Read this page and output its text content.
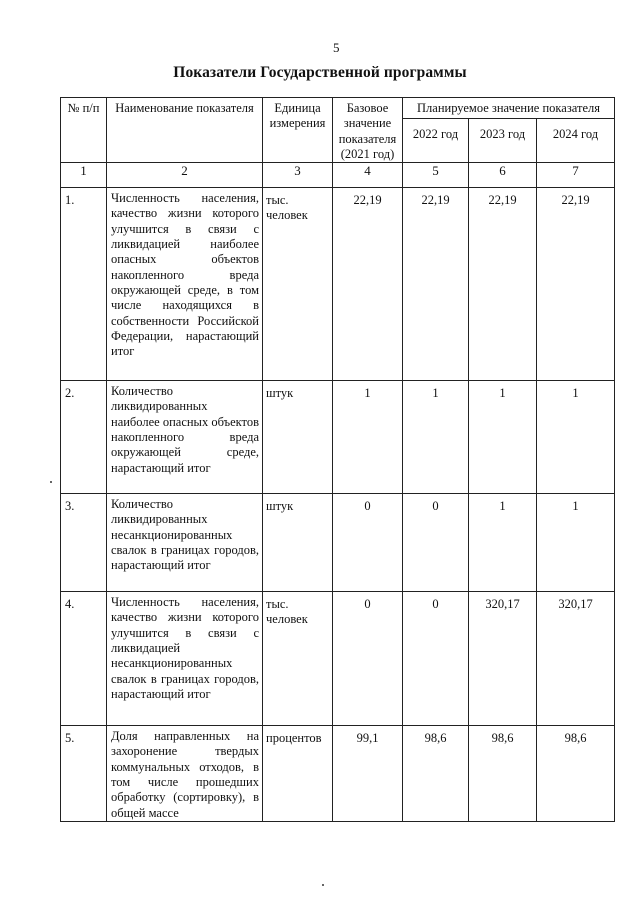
5
Показатели Государственной программы
№ п/п	Наименование показателя	Единица измерения	Базовое значение показателя (2021 год)	Планируемое значение показателя		
				2022 год	2023 год	2024 год
1	2	3	4	5	6	7
1.	Численность населения, качество жизни которого улучшится в связи с ликвидацией наиболее опасных объектов накопленного вреда окружающей среде, в том числе находящихся в собственности Российской Федерации, нарастающий итог	тыс. человек	22,19	22,19	22,19	22,19
2.	Количество ликвидированных наиболее опасных объектов накопленного вреда окружающей среде, нарастающий итог	штук	1	1	1	1
3.	Количество ликвидированных несанкционированных свалок в границах городов, нарастающий итог	штук	0	0	1	1
4.	Численность населения, качество жизни которого улучшится в связи с ликвидацией несанкционированных свалок в границах городов, нарастающий итог	тыс. человек	0	0	320,17	320,17
5.	Доля направленных на захоронение твердых коммунальных отходов, в том числе прошедших обработку (сортировку), в общей массе	процентов	99,1	98,6	98,6	98,6
